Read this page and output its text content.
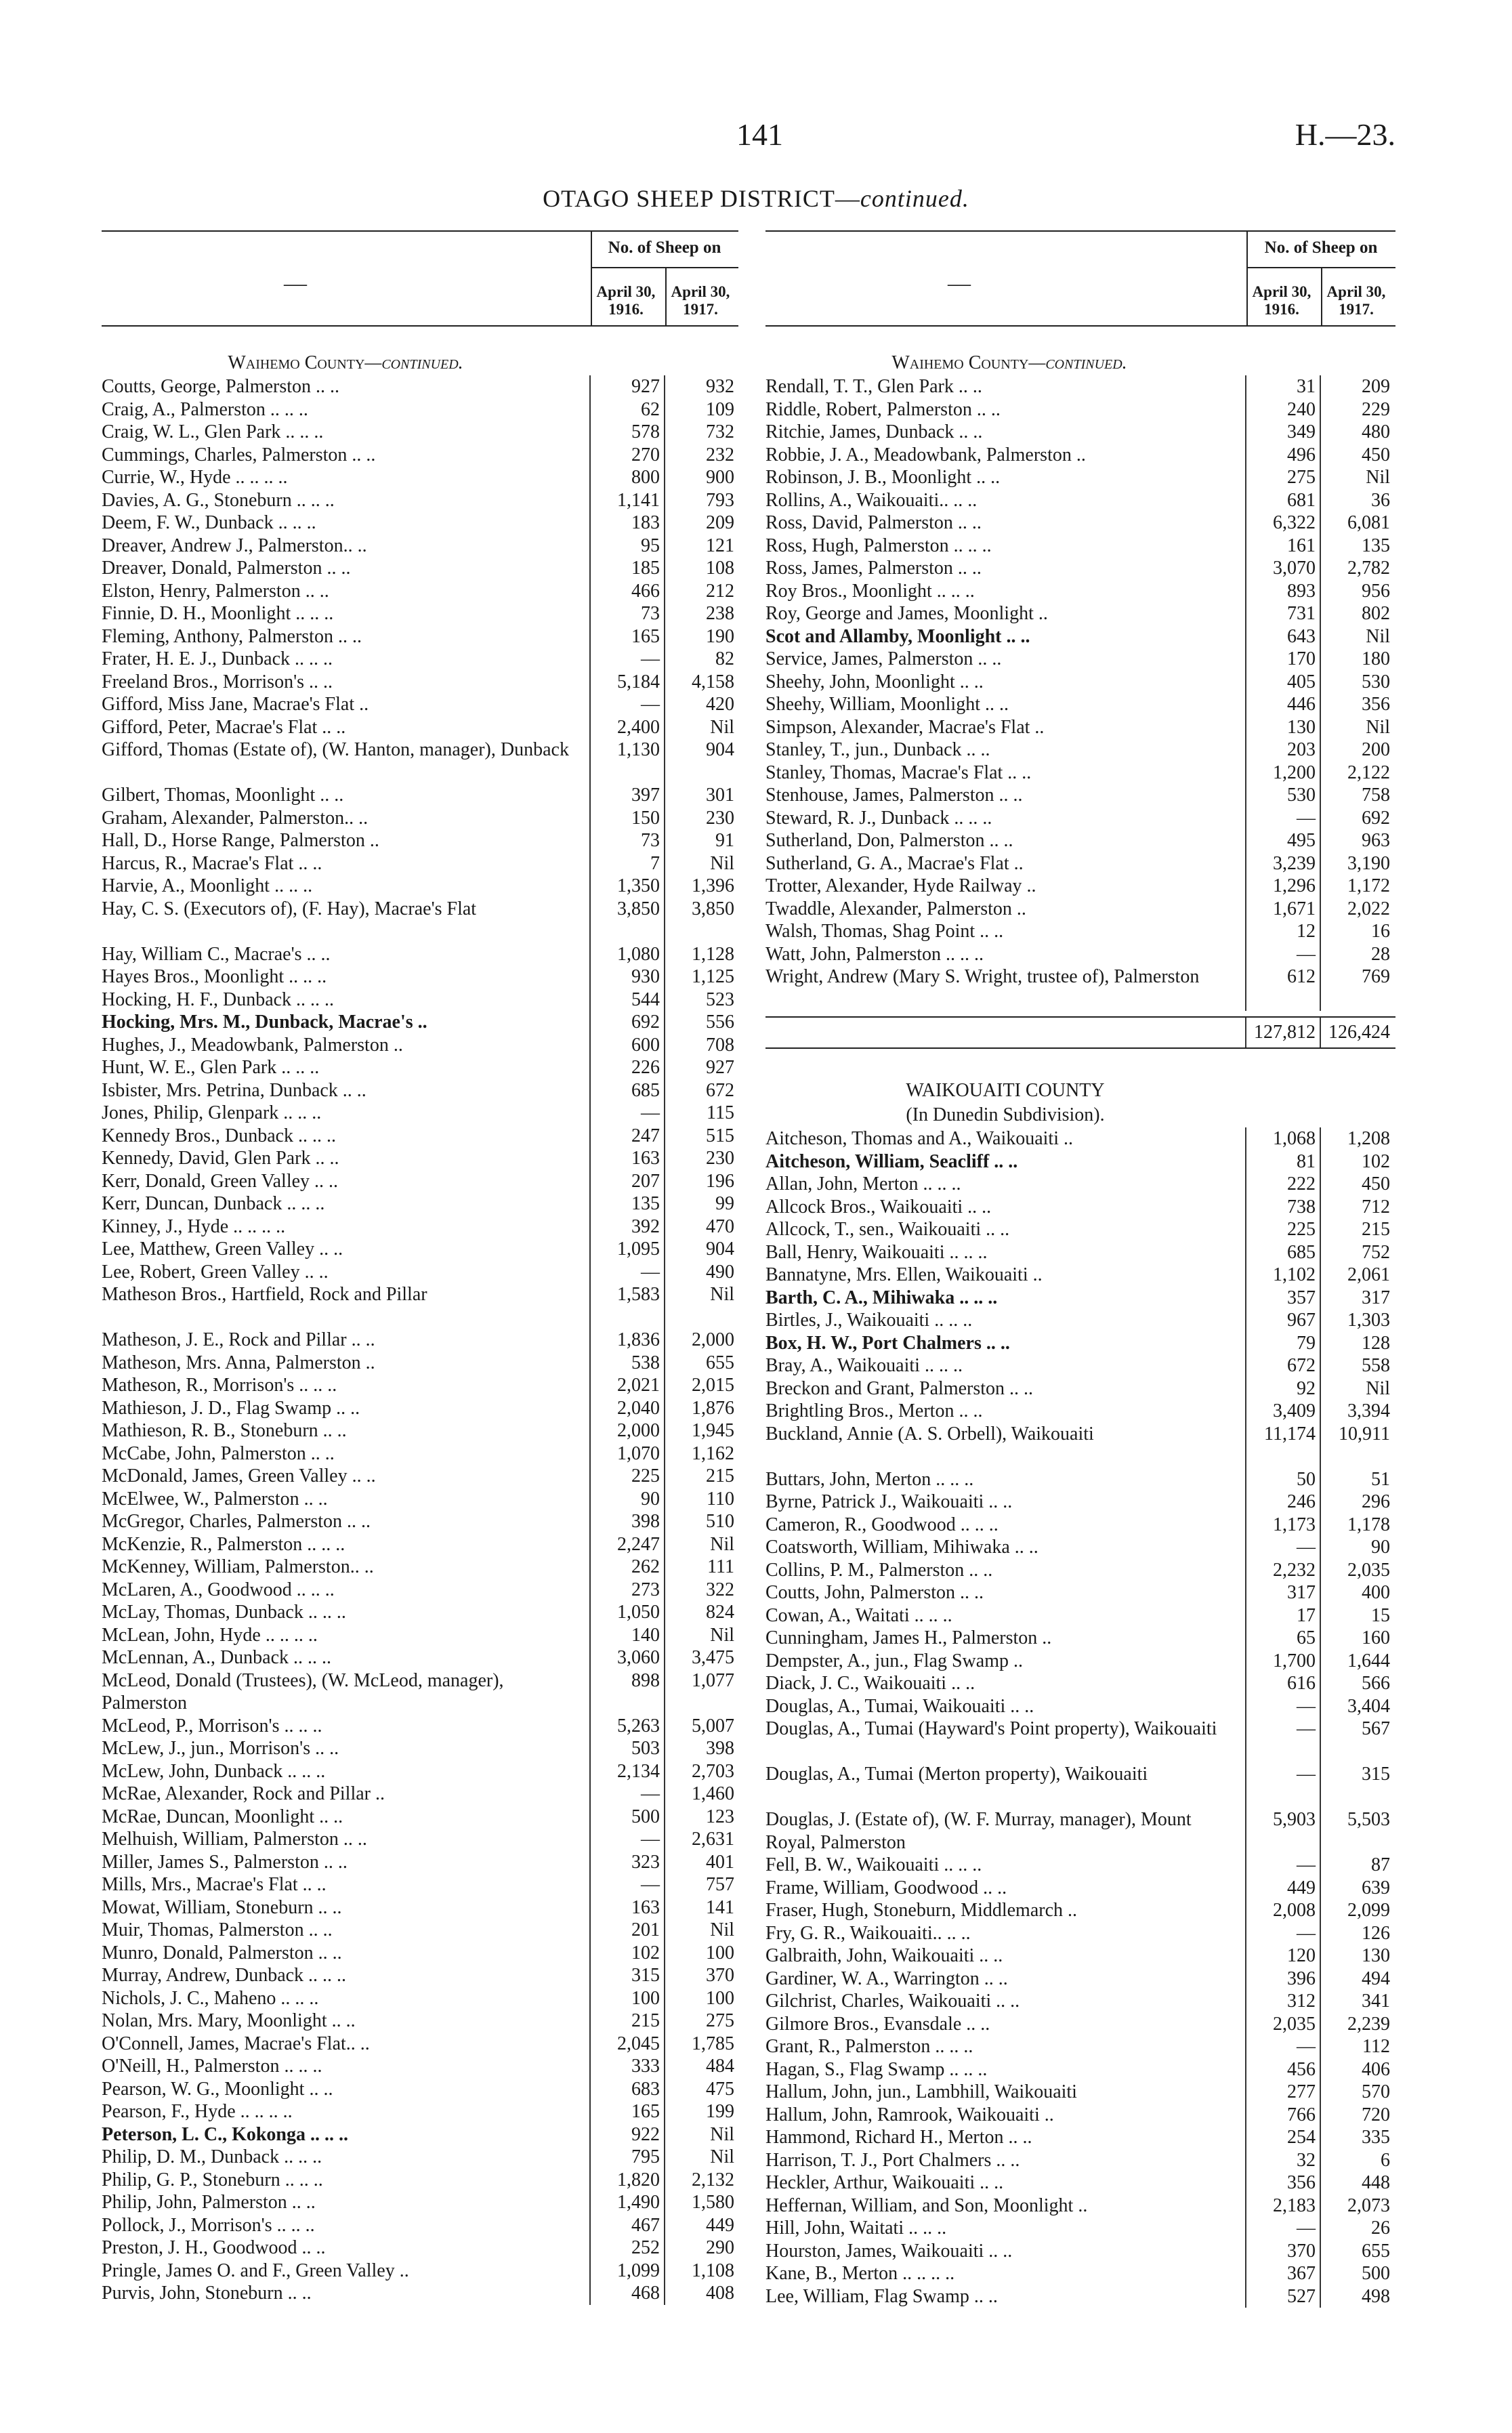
141	H.—23.
OTAGO SHEEP DISTRICT—continued.
—
No. of Sheep on
April 30, 1916.
April 30, 1917.
Waihemo County—continued.
Coutts, George, Palmerston .. ..	927	932
Craig, A., Palmerston .. .. ..	62	109
Craig, W. L., Glen Park .. .. ..	578	732
Cummings, Charles, Palmerston .. ..	270	232
Currie, W., Hyde .. .. .. ..	800	900
Davies, A. G., Stoneburn .. .. ..	1,141	793
Deem, F. W., Dunback .. .. ..	183	209
Dreaver, Andrew J., Palmerston.. ..	95	121
Dreaver, Donald, Palmerston .. ..	185	108
Elston, Henry, Palmerston .. ..	466	212
Finnie, D. H., Moonlight .. .. ..	73	238
Fleming, Anthony, Palmerston .. ..	165	190
Frater, H. E. J., Dunback .. .. ..	—	82
Freeland Bros., Morrison's .. ..	5,184	4,158
Gifford, Miss Jane, Macrae's Flat ..	—	420
Gifford, Peter, Macrae's Flat .. ..	2,400	Nil
Gifford, Thomas (Estate of), (W. Hanton, manager), Dunback	1,130	904
Gilbert, Thomas, Moonlight .. ..	397	301
Graham, Alexander, Palmerston.. ..	150	230
Hall, D., Horse Range, Palmerston ..	73	91
Harcus, R., Macrae's Flat .. ..	7	Nil
Harvie, A., Moonlight .. .. ..	1,350	1,396
Hay, C. S. (Executors of), (F. Hay), Macrae's Flat	3,850	3,850
Hay, William C., Macrae's .. ..	1,080	1,128
Hayes Bros., Moonlight .. .. ..	930	1,125
Hocking, H. F., Dunback .. .. ..	544	523
Hocking, Mrs. M., Dunback, Macrae's ..	692	556
Hughes, J., Meadowbank, Palmerston ..	600	708
Hunt, W. E., Glen Park .. .. ..	226	927
Isbister, Mrs. Petrina, Dunback .. ..	685	672
Jones, Philip, Glenpark .. .. ..	—	115
Kennedy Bros., Dunback .. .. ..	247	515
Kennedy, David, Glen Park .. ..	163	230
Kerr, Donald, Green Valley .. ..	207	196
Kerr, Duncan, Dunback .. .. ..	135	99
Kinney, J., Hyde .. .. .. ..	392	470
Lee, Matthew, Green Valley .. ..	1,095	904
Lee, Robert, Green Valley .. ..	—	490
Matheson Bros., Hartfield, Rock and Pillar	1,583	Nil
Matheson, J. E., Rock and Pillar .. ..	1,836	2,000
Matheson, Mrs. Anna, Palmerston ..	538	655
Matheson, R., Morrison's .. .. ..	2,021	2,015
Mathieson, J. D., Flag Swamp .. ..	2,040	1,876
Mathieson, R. B., Stoneburn .. ..	2,000	1,945
McCabe, John, Palmerston .. ..	1,070	1,162
McDonald, James, Green Valley .. ..	225	215
McElwee, W., Palmerston .. ..	90	110
McGregor, Charles, Palmerston .. ..	398	510
McKenzie, R., Palmerston .. .. ..	2,247	Nil
McKenney, William, Palmerston.. ..	262	111
McLaren, A., Goodwood .. .. ..	273	322
McLay, Thomas, Dunback .. .. ..	1,050	824
McLean, John, Hyde .. .. .. ..	140	Nil
McLennan, A., Dunback .. .. ..	3,060	3,475
McLeod, Donald (Trustees), (W. McLeod, manager), Palmerston
898	1,077
McLeod, P., Morrison's .. .. ..	5,263	5,007
McLew, J., jun., Morrison's .. ..	503	398
McLew, John, Dunback .. .. ..	2,134	2,703
McRae, Alexander, Rock and Pillar ..	—	1,460
McRae, Duncan, Moonlight .. ..	500	123
Melhuish, William, Palmerston .. ..	—	2,631
Miller, James S., Palmerston .. ..	323	401
Mills, Mrs., Macrae's Flat .. ..	—	757
Mowat, William, Stoneburn .. ..	163	141
Muir, Thomas, Palmerston .. ..	201	Nil
Munro, Donald, Palmerston .. ..	102	100
Murray, Andrew, Dunback .. .. ..	315	370
Nichols, J. C., Maheno .. .. ..	100	100
Nolan, Mrs. Mary, Moonlight .. ..	215	275
O'Connell, James, Macrae's Flat.. ..	2,045	1,785
O'Neill, H., Palmerston .. .. ..	333	484
Pearson, W. G., Moonlight .. ..	683	475
Pearson, F., Hyde .. .. .. ..	165	199
Peterson, L. C., Kokonga .. .. ..	922	Nil
Philip, D. M., Dunback .. .. ..	795	Nil
Philip, G. P., Stoneburn .. .. ..	1,820	2,132
Philip, John, Palmerston .. ..	1,490	1,580
Pollock, J., Morrison's .. .. ..	467	449
Preston, J. H., Goodwood .. ..	252	290
Pringle, James O. and F., Green Valley ..	1,099	1,108
Purvis, John, Stoneburn .. ..	468	408
—
No. of Sheep on
April 30, 1916.
April 30, 1917.
Waihemo County—continued.
Rendall, T. T., Glen Park .. ..	31	209
Riddle, Robert, Palmerston .. ..	240	229
Ritchie, James, Dunback .. ..	349	480
Robbie, J. A., Meadowbank, Palmerston ..	496	450
Robinson, J. B., Moonlight .. ..	275	Nil
Rollins, A., Waikouaiti.. .. ..	681	36
Ross, David, Palmerston .. ..	6,322	6,081
Ross, Hugh, Palmerston .. .. ..	161	135
Ross, James, Palmerston .. ..	3,070	2,782
Roy Bros., Moonlight .. .. ..	893	956
Roy, George and James, Moonlight ..	731	802
Scot and Allamby, Moonlight .. ..	643	Nil
Service, James, Palmerston .. ..	170	180
Sheehy, John, Moonlight .. ..	405	530
Sheehy, William, Moonlight .. ..	446	356
Simpson, Alexander, Macrae's Flat ..	130	Nil
Stanley, T., jun., Dunback .. ..	203	200
Stanley, Thomas, Macrae's Flat .. ..	1,200	2,122
Stenhouse, James, Palmerston .. ..	530	758
Steward, R. J., Dunback .. .. ..	—	692
Sutherland, Don, Palmerston .. ..	495	963
Sutherland, G. A., Macrae's Flat ..	3,239	3,190
Trotter, Alexander, Hyde Railway ..	1,296	1,172
Twaddle, Alexander, Palmerston ..	1,671	2,022
Walsh, Thomas, Shag Point .. ..	12	16
Watt, John, Palmerston .. .. ..	—	28
Wright, Andrew (Mary S. Wright, trustee of), Palmerston	612	769
127,812 126,424
WAIKOUAITI COUNTY
(In Dunedin Subdivision).
Aitcheson, Thomas and A., Waikouaiti ..	1,068	1,208
Aitcheson, William, Seacliff .. ..	81	102
Allan, John, Merton .. .. ..	222	450
Allcock Bros., Waikouaiti .. ..	738	712
Allcock, T., sen., Waikouaiti .. ..	225	215
Ball, Henry, Waikouaiti .. .. ..	685	752
Bannatyne, Mrs. Ellen, Waikouaiti ..	1,102	2,061
Barth, C. A., Mihiwaka .. .. ..	357	317
Birtles, J., Waikouaiti .. .. ..	967	1,303
Box, H. W., Port Chalmers .. ..	79	128
Bray, A., Waikouaiti .. .. ..	672	558
Breckon and Grant, Palmerston .. ..	92	Nil
Brightling Bros., Merton .. ..	3,409	3,394
Buckland, Annie (A. S. Orbell), Waikouaiti	11,174	10,911
Buttars, John, Merton .. .. ..	50	51
Byrne, Patrick J., Waikouaiti .. ..	246	296
Cameron, R., Goodwood .. .. ..	1,173	1,178
Coatsworth, William, Mihiwaka .. ..	—	90
Collins, P. M., Palmerston .. ..	2,232	2,035
Coutts, John, Palmerston .. ..	317	400
Cowan, A., Waitati .. .. ..	17	15
Cunningham, James H., Palmerston ..	65	160
Dempster, A., jun., Flag Swamp ..	1,700	1,644
Diack, J. C., Waikouaiti .. ..	616	566
Douglas, A., Tumai, Waikouaiti .. ..	—	3,404
Douglas, A., Tumai (Hayward's Point property), Waikouaiti	—	567
Douglas, A., Tumai (Merton property), Waikouaiti	—	315
Douglas, J. (Estate of), (W. F. Murray, manager), Mount Royal, Palmerston
5,903	5,503
Fell, B. W., Waikouaiti .. .. ..	—	87
Frame, William, Goodwood .. ..	449	639
Fraser, Hugh, Stoneburn, Middlemarch ..	2,008	2,099
Fry, G. R., Waikouaiti.. .. ..	—	126
Galbraith, John, Waikouaiti .. ..	120	130
Gardiner, W. A., Warrington .. ..	396	494
Gilchrist, Charles, Waikouaiti .. ..	312	341
Gilmore Bros., Evansdale .. ..	2,035	2,239
Grant, R., Palmerston .. .. ..	—	112
Hagan, S., Flag Swamp .. .. ..	456	406
Hallum, John, jun., Lambhill, Waikouaiti	277	570
Hallum, John, Ramrook, Waikouaiti ..	766	720
Hammond, Richard H., Merton .. ..	254	335
Harrison, T. J., Port Chalmers .. ..	32	6
Heckler, Arthur, Waikouaiti .. ..	356	448
Heffernan, William, and Son, Moonlight ..	2,183	2,073
Hill, John, Waitati .. .. ..	—	26
Hourston, James, Waikouaiti .. ..	370	655
Kane, B., Merton .. .. .. ..	367	500
Lee, William, Flag Swamp .. ..	527	498
